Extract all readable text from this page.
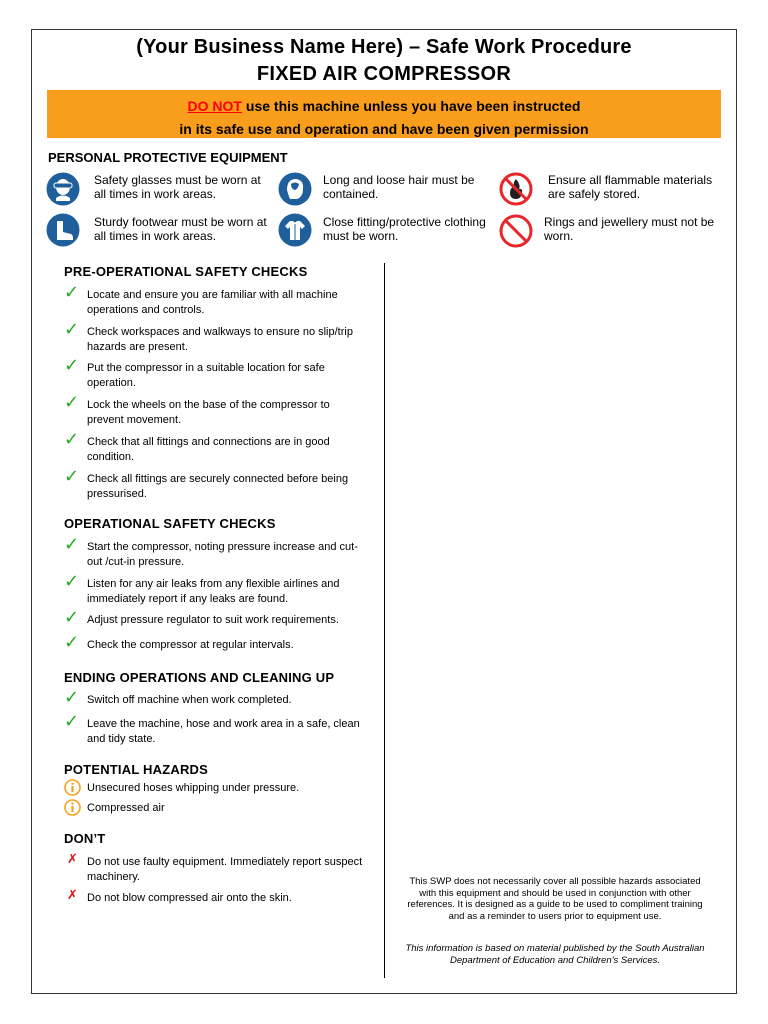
(Your Business Name Here) – Safe Work Procedure
FIXED AIR COMPRESSOR
DO NOT use this machine unless you have been instructed
in its safe use and operation and have been given permission
PERSONAL PROTECTIVE EQUIPMENT
Safety glasses must be worn at all times in work areas.
Long and loose hair must be contained.
Ensure all flammable materials are safely stored.
Sturdy footwear must be worn at all times in work areas.
Close fitting/protective clothing must be worn.
Rings and jewellery must not be worn.
PRE-OPERATIONAL SAFETY CHECKS
✓ Locate and ensure you are familiar with all machine operations and controls.
✓ Check workspaces and walkways to ensure no slip/trip hazards are present.
✓ Put the compressor in a suitable location for safe operation.
✓ Lock the wheels on the base of the compressor to prevent movement.
✓ Check that all fittings and connections are in good condition.
✓ Check all fittings are securely connected before being pressurised.
OPERATIONAL SAFETY CHECKS
✓ Start the compressor, noting pressure increase and cut-out /cut-in pressure.
✓ Listen for any air leaks from any flexible airlines and immediately report if any leaks are found.
✓ Adjust pressure regulator to suit work requirements.
✓ Check the compressor at regular intervals.
ENDING OPERATIONS AND CLEANING UP
✓ Switch off machine when work completed.
✓ Leave the machine, hose and work area in a safe, clean and tidy state.
POTENTIAL HAZARDS
Unsecured hoses whipping under pressure.
Compressed air
DON’T
✗ Do not use faulty equipment. Immediately report suspect machinery.
✗ Do not blow compressed air onto the skin.
This SWP does not necessarily cover all possible hazards associated with this equipment and should be used in conjunction with other references. It is designed as a guide to be used to compliment training and as a reminder to users prior to equipment use.
This information is based on material published by the South Australian Department of Education and Children’s Services.
